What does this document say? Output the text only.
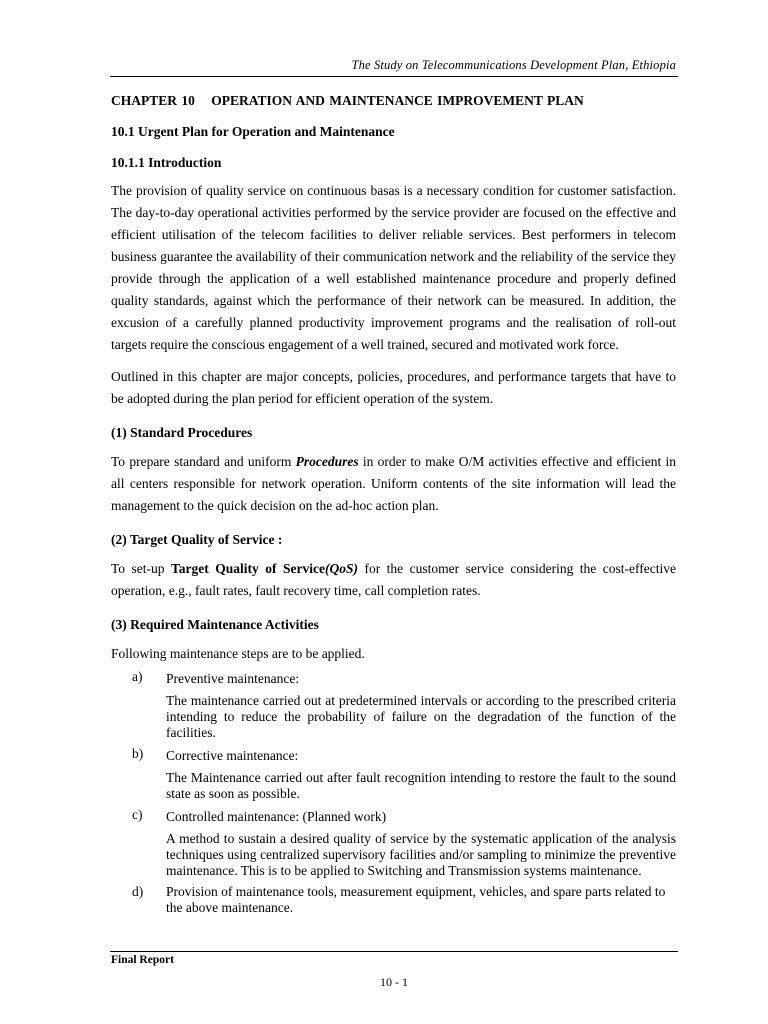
The Study on Telecommunications Development Plan, Ethiopia
CHAPTER 10 OPERATION AND MAINTENANCE IMPROVEMENT PLAN
10.1 Urgent Plan for Operation and Maintenance
10.1.1 Introduction

The provision of quality service on continuous basas is a necessary condition for customer satisfaction. The day-to-day operational activities performed by the service provider are focused on the effective and efficient utilisation of the telecom facilities to deliver reliable services. Best performers in telecom business guarantee the availability of their communication network and the reliability of the service they provide through the application of a well established maintenance procedure and properly defined quality standards, against which the performance of their network can be measured. In addition, the excusion of a carefully planned productivity improvement programs and the realisation of roll-out targets require the conscious engagement of a well trained, secured and motivated work force.

Outlined in this chapter are major concepts, policies, procedures, and performance targets that have to be adopted during the plan period for efficient operation of the system.

(1) Standard Procedures

To prepare standard and uniform Procedures in order to make O/M activities effective and efficient in all centers responsible for network operation. Uniform contents of the site information will lead the management to the quick decision on the ad-hoc action plan.

(2) Target Quality of Service :

To set-up Target Quality of Service(QoS) for the customer service considering the cost-effective operation, e.g., fault rates, fault recovery time, call completion rates.

(3) Required Maintenance Activities

Following maintenance steps are to be applied.

a) Preventive maintenance:
The maintenance carried out at predetermined intervals or according to the prescribed criteria intending to reduce the probability of failure on the degradation of the function of the facilities.
b) Corrective maintenance:
The Maintenance carried out after fault recognition intending to restore the fault to the sound state as soon as possible.
c) Controlled maintenance: (Planned work)
A method to sustain a desired quality of service by the systematic application of the analysis techniques using centralized supervisory facilities and/or sampling to minimize the preventive maintenance. This is to be applied to Switching and Transmission systems maintenance.
d) Provision of maintenance tools, measurement equipment, vehicles, and spare parts related to the above maintenance.
Final Report
10 - 1
